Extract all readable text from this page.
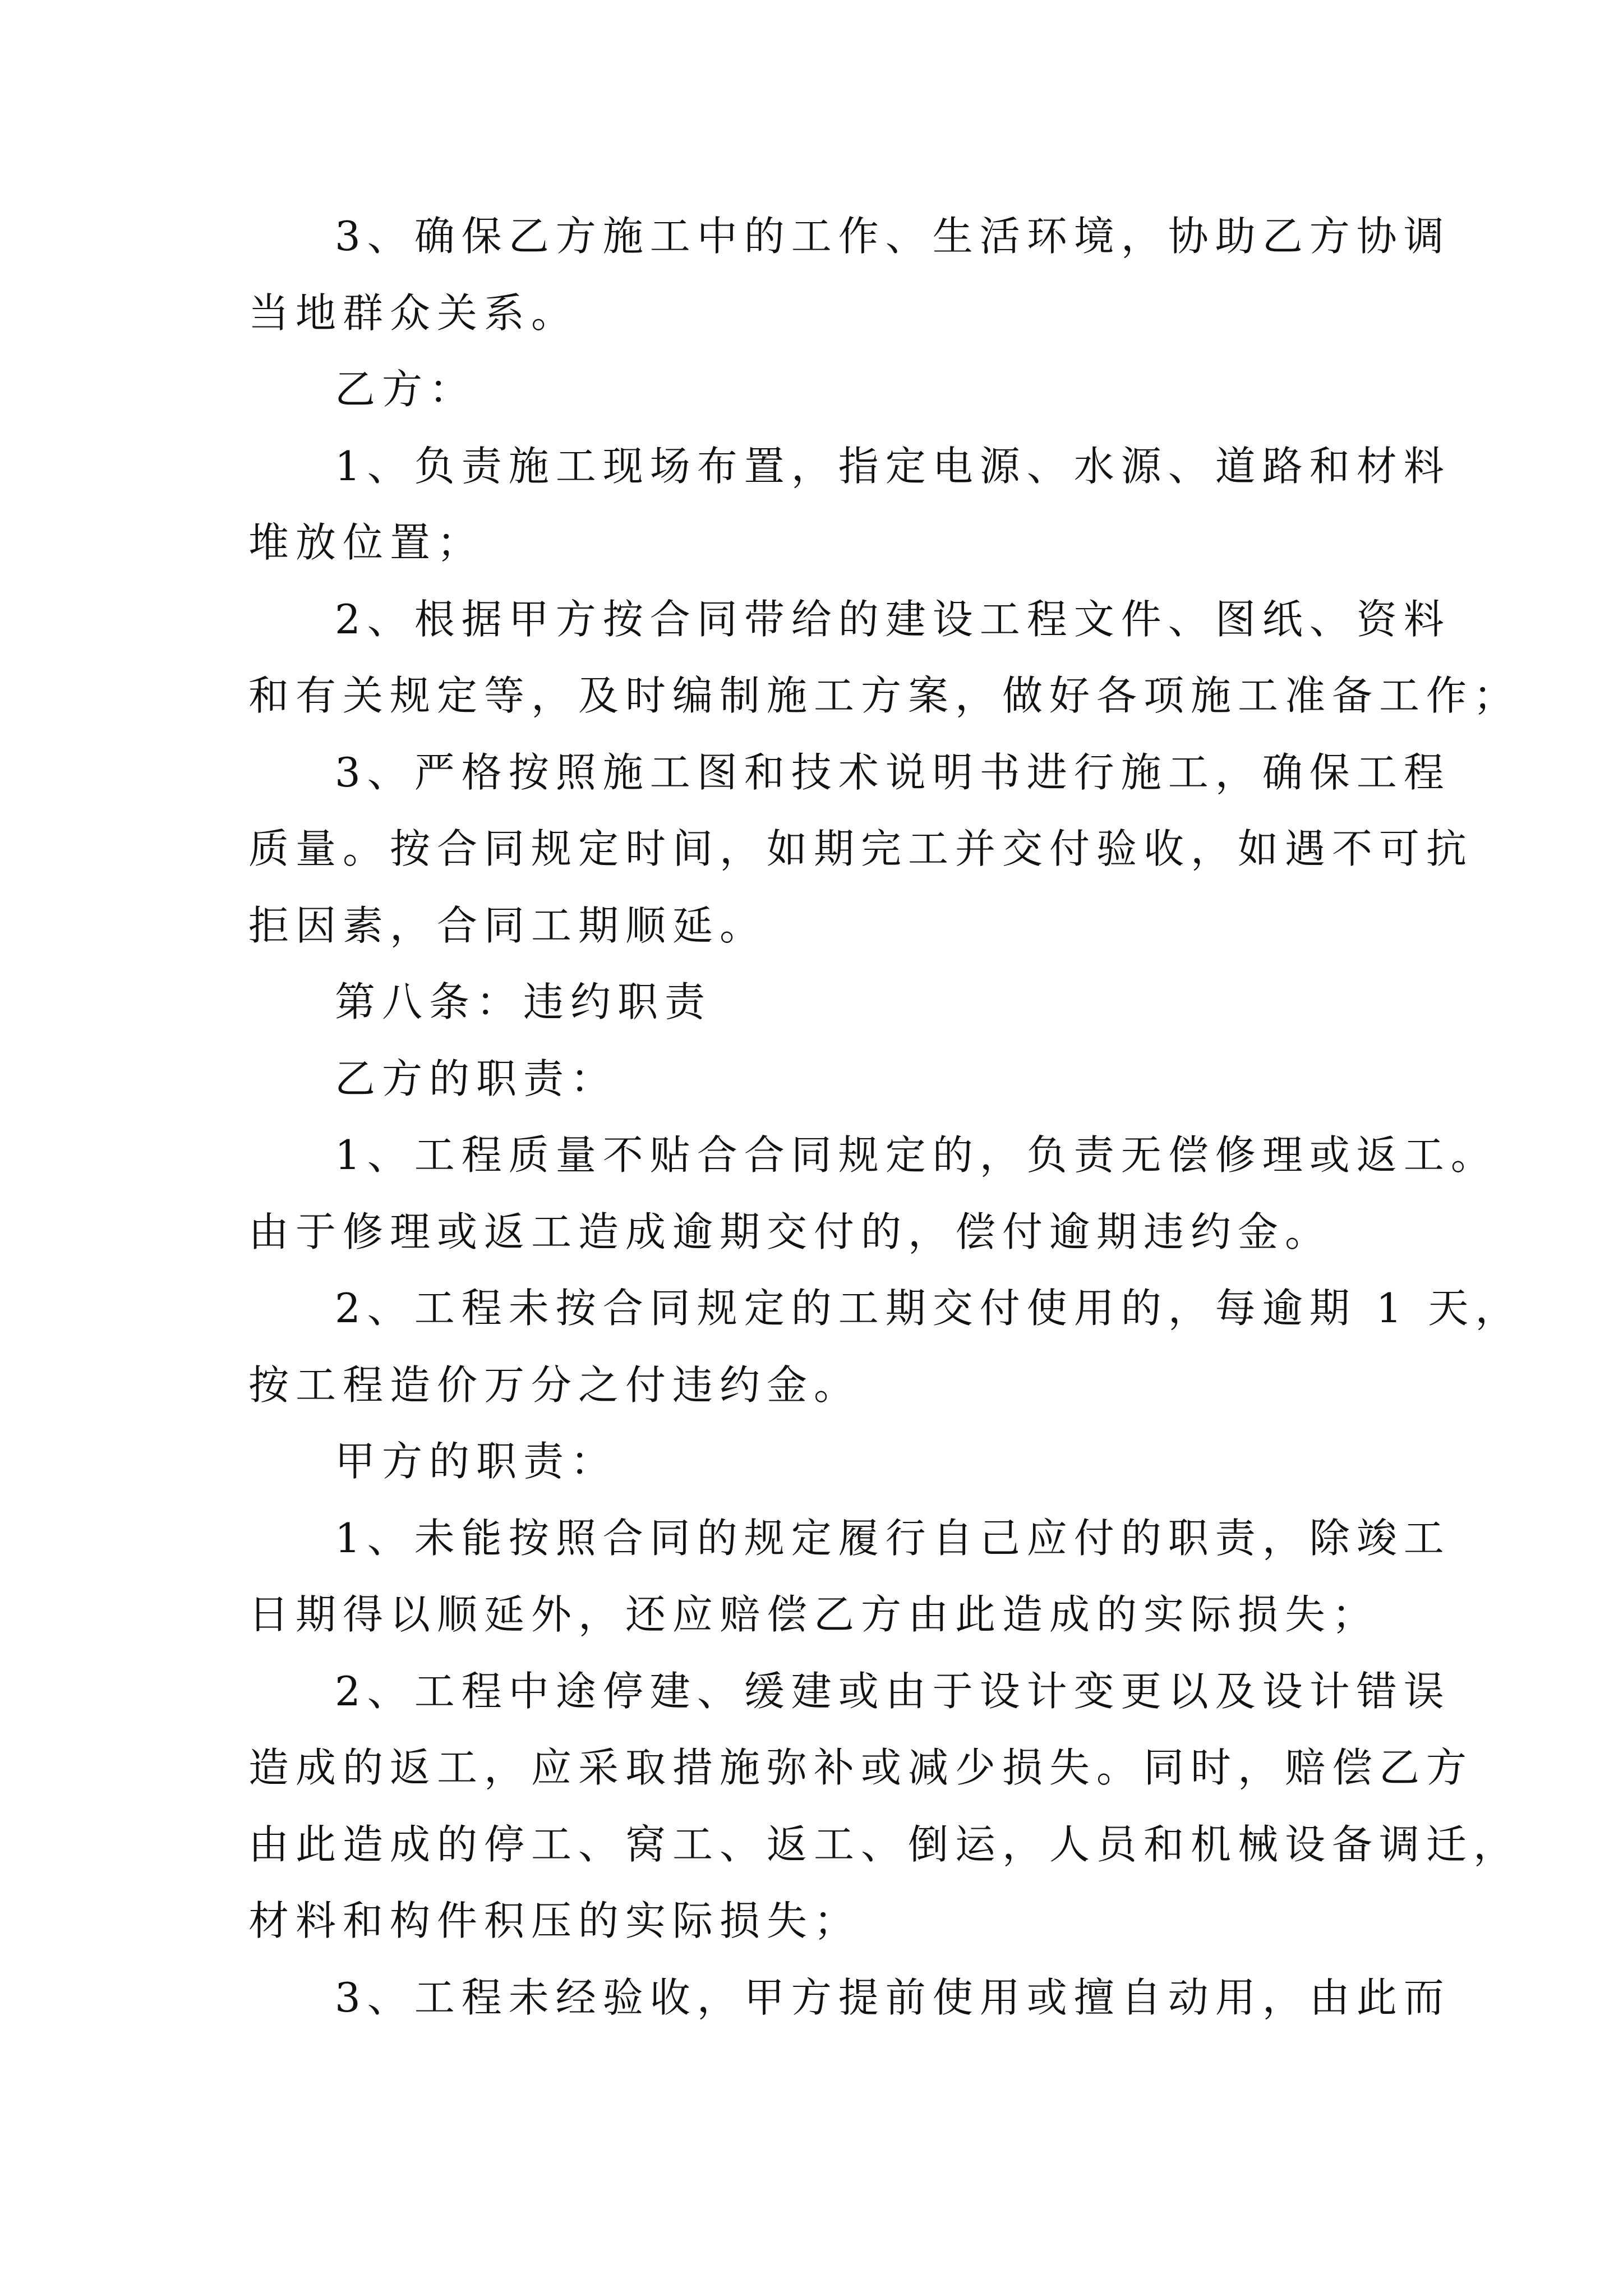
3、确保乙方施工中的工作、生活环境，协助乙方协调
当地群众关系。
乙方：
1、负责施工现场布置，指定电源、水源、道路和材料
堆放位置；
2、根据甲方按合同带给的建设工程文件、图纸、资料
和有关规定等，及时编制施工方案，做好各项施工准备工作；
3、严格按照施工图和技术说明书进行施工，确保工程
质量。按合同规定时间，如期完工并交付验收，如遇不可抗
拒因素，合同工期顺延。
第八条：违约职责
乙方的职责：
1、工程质量不贴合合同规定的，负责无偿修理或返工。
由于修理或返工造成逾期交付的，偿付逾期违约金。
2、工程未按合同规定的工期交付使用的，每逾期 1 天，
按工程造价万分之付违约金。
甲方的职责：
1、未能按照合同的规定履行自己应付的职责，除竣工
日期得以顺延外，还应赔偿乙方由此造成的实际损失；
2、工程中途停建、缓建或由于设计变更以及设计错误
造成的返工，应采取措施弥补或减少损失。同时，赔偿乙方
由此造成的停工、窝工、返工、倒运，人员和机械设备调迁，
材料和构件积压的实际损失；
3、工程未经验收，甲方提前使用或擅自动用，由此而
